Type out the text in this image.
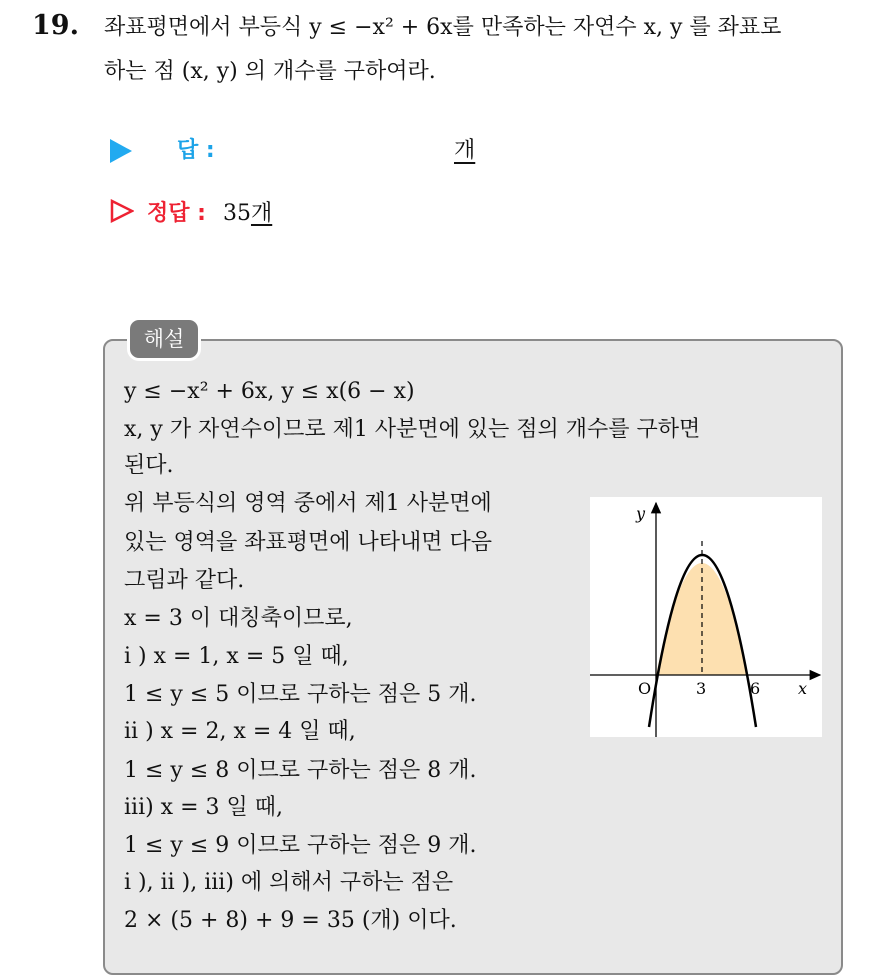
19. 좌표평면에서 부등식 y ≤ −x² + 6x를 만족하는 자연수 x, y 를 좌표로
하는 점 (x, y) 의 개수를 구하여라.
답 :	개
정답 : 35개
해설
y ≤ −x² + 6x, y ≤ x(6 − x)
x, y 가 자연수이므로 제1 사분면에 있는 점의 개수를 구하면
된다.
위 부등식의 영역 중에서 제1 사분면에
있는 영역을 좌표평면에 나타내면 다음
그림과 같다.
x = 3 이 대칭축이므로,
i ) x = 1, x = 5 일 때,
1 ≤ y ≤ 5 이므로 구하는 점은 5 개.
ii ) x = 2, x = 4 일 때,
1 ≤ y ≤ 8 이므로 구하는 점은 8 개.
iii) x = 3 일 때,
1 ≤ y ≤ 9 이므로 구하는 점은 9 개.
i ), ii ), iii) 에 의해서 구하는 점은
2 × (5 + 8) + 9 = 35 (개) 이다.
y
x
O	3	6
